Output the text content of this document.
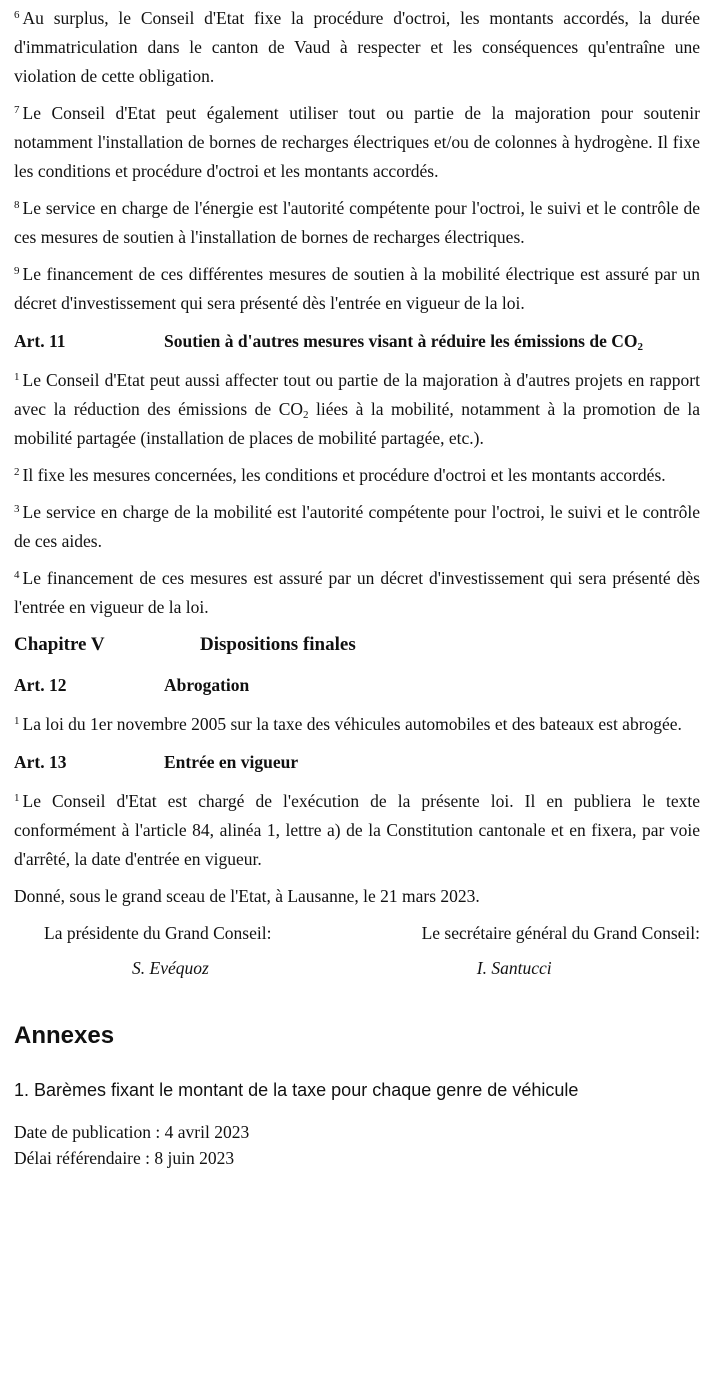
$^6$ Au surplus, le Conseil d'Etat fixe la procédure d'octroi, les montants accordés, la durée d'immatriculation dans le canton de Vaud à respecter et les conséquences qu'entraîne une violation de cette obligation.

$^7$ Le Conseil d'Etat peut également utiliser tout ou partie de la majoration pour soutenir notamment l'installation de bornes de recharges électriques et/ou de colonnes à hydrogène. Il fixe les conditions et procédure d'octroi et les montants accordés.

$^8$ Le service en charge de l'énergie est l'autorité compétente pour l'octroi, le suivi et le contrôle de ces mesures de soutien à l'installation de bornes de recharges électriques.

$^9$ Le financement de ces différentes mesures de soutien à la mobilité électrique est assuré par un décret d'investissement qui sera présenté dès l'entrée en vigueur de la loi.

Art. 11	Soutien à d'autres mesures visant à réduire les émissions de $CO_2$

$^1$ Le Conseil d'Etat peut aussi affecter tout ou partie de la majoration à d'autres projets en rapport avec la réduction des émissions de $CO_2$ liées à la mobilité, notamment à la promotion de la mobilité partagée (installation de places de mobilité partagée, etc.).

$^2$ Il fixe les mesures concernées, les conditions et procédure d'octroi et les montants accordés.

$^3$ Le service en charge de la mobilité est l'autorité compétente pour l'octroi, le suivi et le contrôle de ces aides.

$^4$ Le financement de ces mesures est assuré par un décret d'investissement qui sera présenté dès l'entrée en vigueur de la loi.

Chapitre V	Dispositions finales
Art. 12	Abrogation

$^1$ La loi du 1er novembre 2005 sur la taxe des véhicules automobiles et des bateaux est abrogée.

Art. 13	Entrée en vigueur

$^1$ Le Conseil d'Etat est chargé de l'exécution de la présente loi. Il en publiera le texte conformément à l'article 84, alinéa 1, lettre a) de la Constitution cantonale et en fixera, par voie d'arrêté, la date d'entrée en vigueur.

Donné, sous le grand sceau de l'Etat, à Lausanne, le 21 mars 2023.

La présidente du Grand Conseil:	Le secrétaire général du Grand Conseil:
S. Evéquoz	I. Santucci
Annexes

1. Barèmes fixant le montant de la taxe pour chaque genre de véhicule

Date de publication : 4 avril 2023

Délai référendaire : 8 juin 2023
